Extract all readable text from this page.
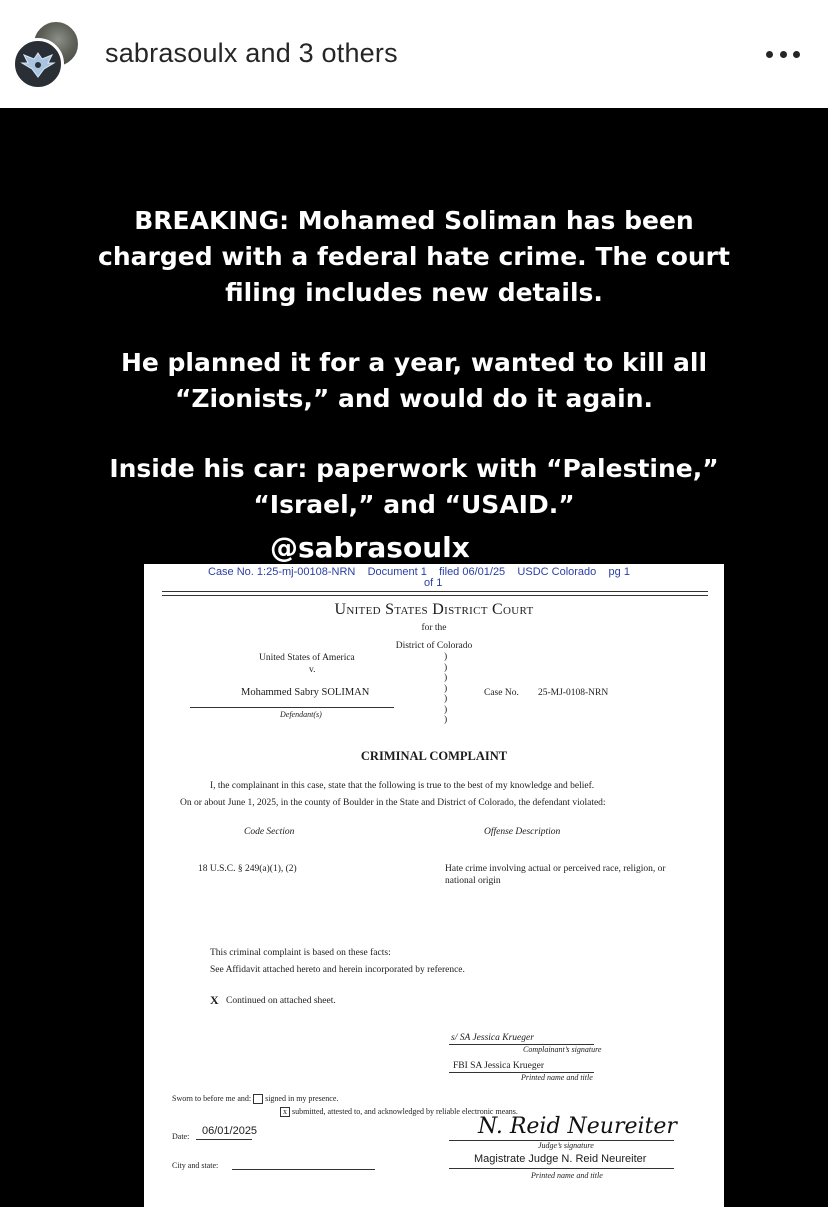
sabrasoulx and 3 others

BREAKING: Mohamed Soliman has been
charged with a federal hate crime. The court
filing includes new details.

He planned it for a year, wanted to kill all
“Zionists,” and would do it again.

Inside his car: paperwork with “Palestine,”
“Israel,” and “USAID.”

@sabrasoulx
Case No. 1:25-mj-00108-NRN Document 1 filed 06/01/25 USDC Colorado pg 1
of 1
United States District Court
for the
District of Colorado
United States of America
v.
Mohammed Sabry SOLIMAN
Defendant(s)
)
)
)
)
)
)
)
Case No. 25-MJ-0108-NRN
CRIMINAL COMPLAINT
I, the complainant in this case, state that the following is true to the best of my knowledge and belief.
On or about June 1, 2025, in the county of Boulder in the State and District of Colorado, the defendant violated:
Code Section	Offense Description
18 U.S.C. § 249(a)(1), (2)	Hate crime involving actual or perceived race, religion, or
national origin
This criminal complaint is based on these facts:
See Affidavit attached hereto and herein incorporated by reference.
X Continued on attached sheet.
s/ SA Jessica Krueger
Complainant’s signature
FBI SA Jessica Krueger
Printed name and title
Sworn to before me and: signed in my presence.
x submitted, attested to, and acknowledged by reliable electronic means.
Date: 06/01/2025	N. Reid Neureiter
Judge’s signature
City and state:
Magistrate Judge N. Reid Neureiter
Printed name and title
